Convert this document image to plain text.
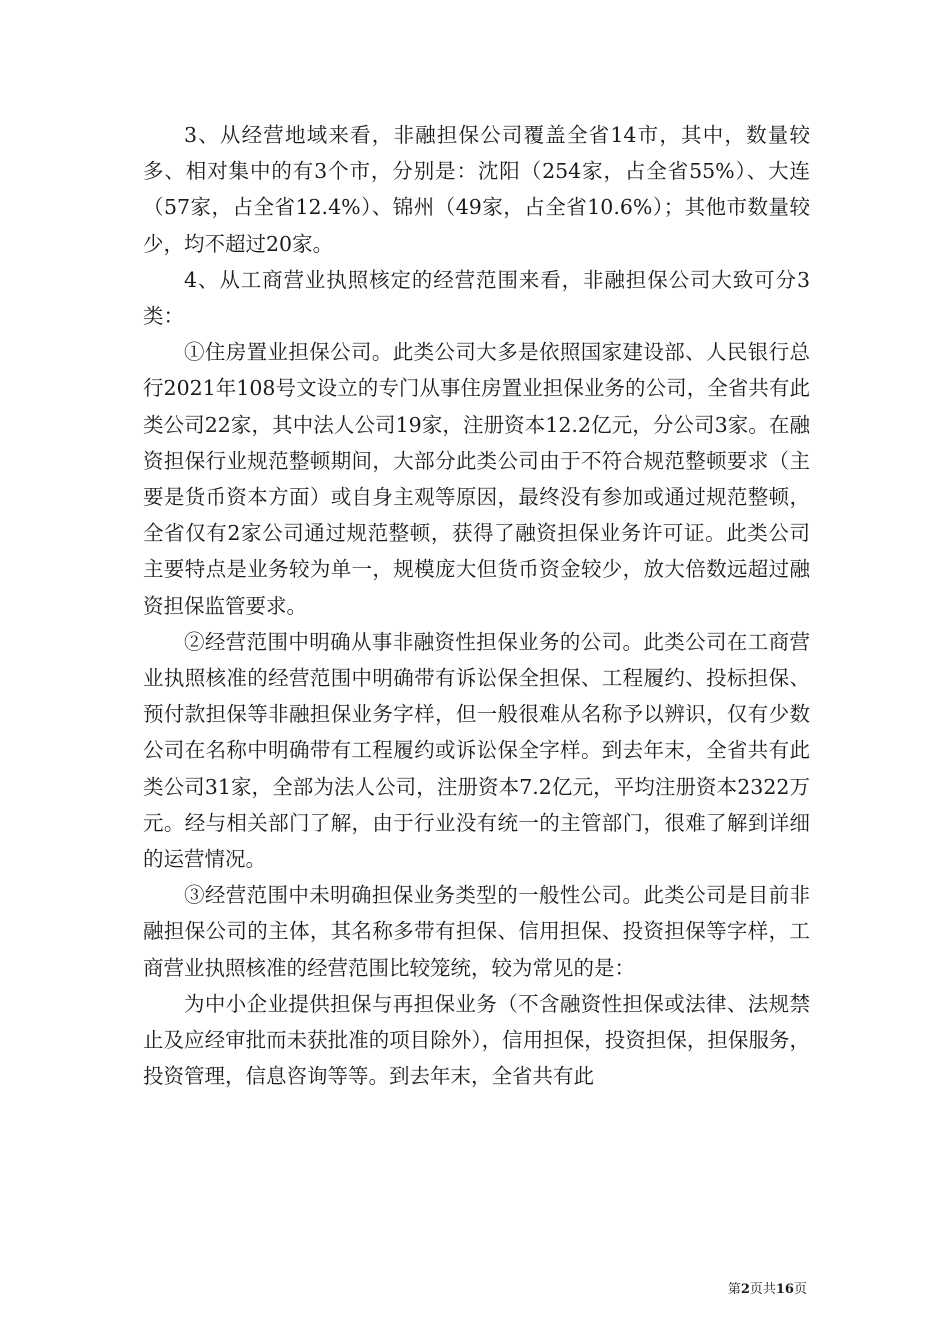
3、从经营地域来看，非融担保公司覆盖全省14市，其中，数量较多、相对集中的有3个市，分别是：沈阳（254家，占全省55%）、大连（57家，占全省12.4%）、锦州（49家，占全省10.6%）；其他市数量较少，均不超过20家。

4、从工商营业执照核定的经营范围来看，非融担保公司大致可分3类：

①住房置业担保公司。此类公司大多是依照国家建设部、人民银行总行2021年108号文设立的专门从事住房置业担保业务的公司，全省共有此类公司22家，其中法人公司19家，注册资本12.2亿元，分公司3家。在融资担保行业规范整顿期间，大部分此类公司由于不符合规范整顿要求（主要是货币资本方面）或自身主观等原因，最终没有参加或通过规范整顿，全省仅有2家公司通过规范整顿，获得了融资担保业务许可证。此类公司主要特点是业务较为单一，规模庞大但货币资金较少，放大倍数远超过融资担保监管要求。

②经营范围中明确从事非融资性担保业务的公司。此类公司在工商营业执照核准的经营范围中明确带有诉讼保全担保、工程履约、投标担保、预付款担保等非融担保业务字样，但一般很难从名称予以辨识，仅有少数公司在名称中明确带有工程履约或诉讼保全字样。到去年末，全省共有此类公司31家，全部为法人公司，注册资本7.2亿元，平均注册资本2322万元。经与相关部门了解，由于行业没有统一的主管部门，很难了解到详细的运营情况。

③经营范围中未明确担保业务类型的一般性公司。此类公司是目前非融担保公司的主体，其名称多带有担保、信用担保、投资担保等字样，工商营业执照核准的经营范围比较笼统，较为常见的是：

为中小企业提供担保与再担保业务（不含融资性担保或法律、法规禁止及应经审批而未获批准的项目除外），信用担保，投资担保，担保服务，投资管理，信息咨询等等。到去年末，全省共有此

第2页共16页
